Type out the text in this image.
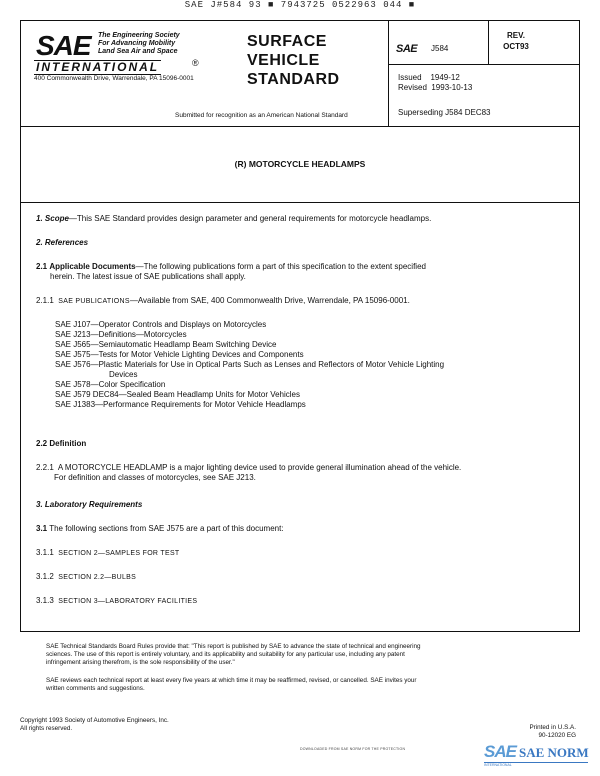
SAE J#584 93 ■ 7943725 0522963 044 ■
SAE The Engineering Society
For Advancing Mobility
Land Sea Air and Space
INTERNATIONAL	®
400 Commonwealth Drive, Warrendale, PA 15096-0001
SURFACE
VEHICLE
STANDARD
Submitted for recognition as an American National Standard
SAE J584
REV.
OCT93
Issued    1949-12
Revised  1993-10-13
Superseding J584 DEC83
(R) MOTORCYCLE HEADLAMPS
1. Scope—This SAE Standard provides design parameter and general requirements for motorcycle headlamps.
2. References
2.1 Applicable Documents—The following publications form a part of this specification to the extent specified
herein. The latest issue of SAE publications shall apply.
2.1.1 SAE PUBLICATIONS—Available from SAE, 400 Commonwealth Drive, Warrendale, PA 15096-0001.
SAE J107—Operator Controls and Displays on Motorcycles
SAE J213—Definitions—Motorcycles
SAE J565—Semiautomatic Headlamp Beam Switching Device
SAE J575—Tests for Motor Vehicle Lighting Devices and Components
SAE J576—Plastic Materials for Use in Optical Parts Such as Lenses and Reflectors of Motor Vehicle Lighting
Devices
SAE J578—Color Specification
SAE J579 DEC84—Sealed Beam Headlamp Units for Motor Vehicles
SAE J1383—Performance Requirements for Motor Vehicle Headlamps
2.2 Definition
2.2.1 A MOTORCYCLE HEADLAMP is a major lighting device used to provide general illumination ahead of the vehicle.
For definition and classes of motorcycles, see SAE J213.
3. Laboratory Requirements
3.1 The following sections from SAE J575 are a part of this document:
3.1.1 SECTION 2—SAMPLES FOR TEST
3.1.2 SECTION 2.2—BULBS
3.1.3 SECTION 3—LABORATORY FACILITIES
SAE Technical Standards Board Rules provide that: "This report is published by SAE to advance the state of technical and engineering
sciences. The use of this report is entirely voluntary, and its applicability and suitability for any particular use, including any patent
infringement arising therefrom, is the sole responsibility of the user."
SAE reviews each technical report at least every five years at which time it may be reaffirmed, revised, or cancelled. SAE invites your
written comments and suggestions.
Copyright 1993 Society of Automotive Engineers, Inc.
All rights reserved.	Printed in U.S.A.
90-12020 EG
DOWNLOADED FROM SAE NORM FOR THE PROTECTION	SAE SAE NORM
INTERNATIONAL
